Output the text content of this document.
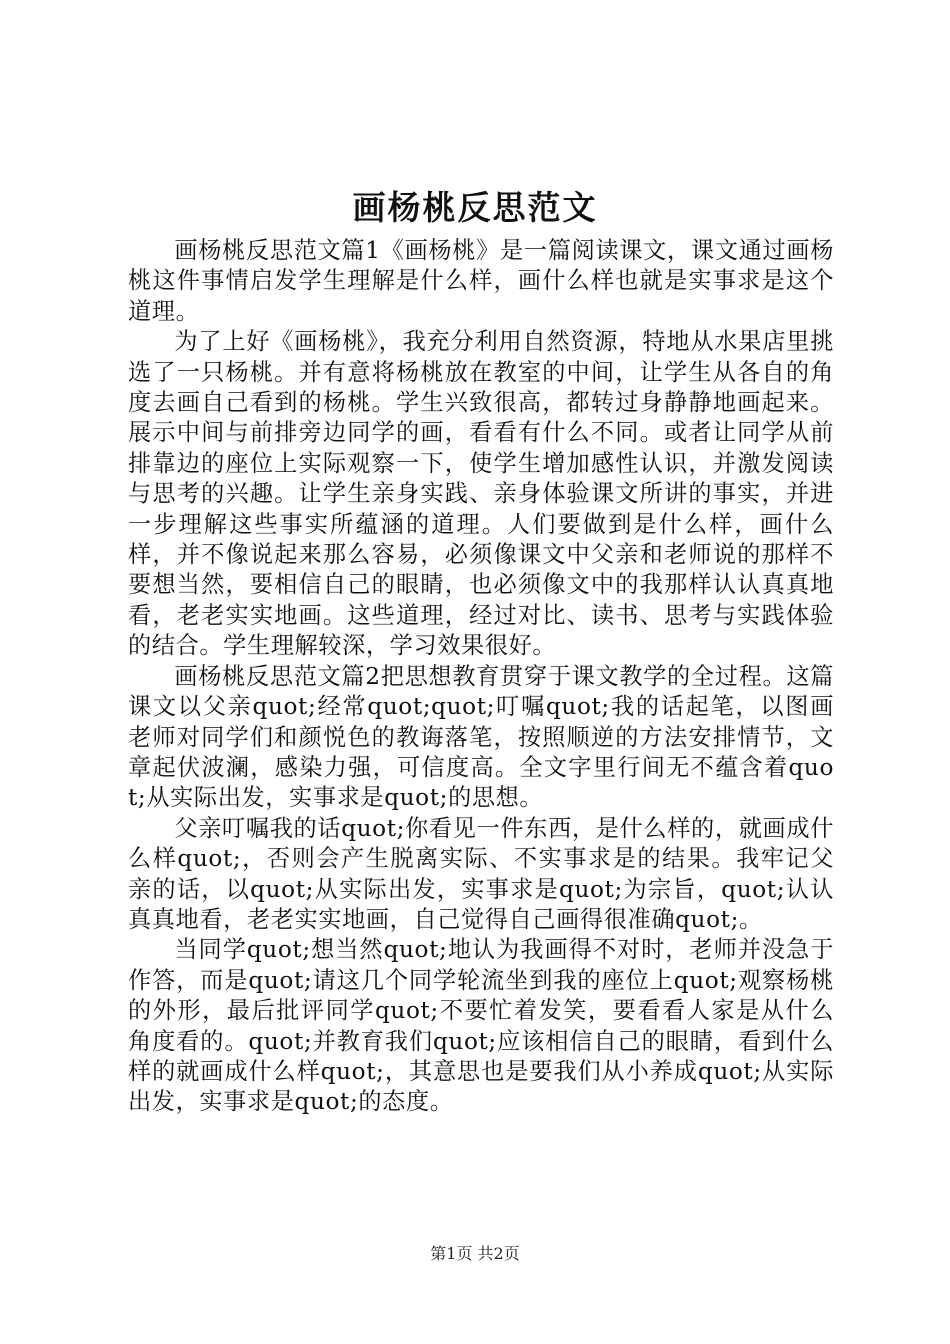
画杨桃反思范文

画杨桃反思范文篇1《画杨桃》是一篇阅读课文，课文通过画杨桃这件事情启发学生理解是什么样，画什么样也就是实事求是这个道理。

为了上好《画杨桃》，我充分利用自然资源，特地从水果店里挑选了一只杨桃。并有意将杨桃放在教室的中间，让学生从各自的角度去画自己看到的杨桃。学生兴致很高，都转过身静静地画起来。展示中间与前排旁边同学的画，看看有什么不同。或者让同学从前排靠边的座位上实际观察一下，使学生增加感性认识，并激发阅读与思考的兴趣。让学生亲身实践、亲身体验课文所讲的事实，并进一步理解这些事实所蕴涵的道理。人们要做到是什么样，画什么样，并不像说起来那么容易，必须像课文中父亲和老师说的那样不要想当然，要相信自己的眼睛，也必须像文中的我那样认认真真地看，老老实实地画。这些道理，经过对比、读书、思考与实践体验的结合。学生理解较深，学习效果很好。

画杨桃反思范文篇2把思想教育贯穿于课文教学的全过程。这篇课文以父亲quot;经常quot;quot;叮嘱quot;我的话起笔，以图画老师对同学们和颜悦色的教诲落笔，按照顺逆的方法安排情节，文章起伏波澜，感染力强，可信度高。全文字里行间无不蕴含着quot;从实际出发，实事求是quot;的思想。

父亲叮嘱我的话quot;你看见一件东西，是什么样的，就画成什么样quot;，否则会产生脱离实际、不实事求是的结果。我牢记父亲的话，以quot;从实际出发，实事求是quot;为宗旨，quot;认认真真地看，老老实实地画，自己觉得自己画得很准确quot;。

当同学quot;想当然quot;地认为我画得不对时，老师并没急于作答，而是quot;请这几个同学轮流坐到我的座位上quot;观察杨桃的外形，最后批评同学quot;不要忙着发笑，要看看人家是从什么角度看的。quot;并教育我们quot;应该相信自己的眼睛，看到什么样的就画成什么样quot;，其意思也是要我们从小养成quot;从实际出发，实事求是quot;的态度。

第1页 共2页
